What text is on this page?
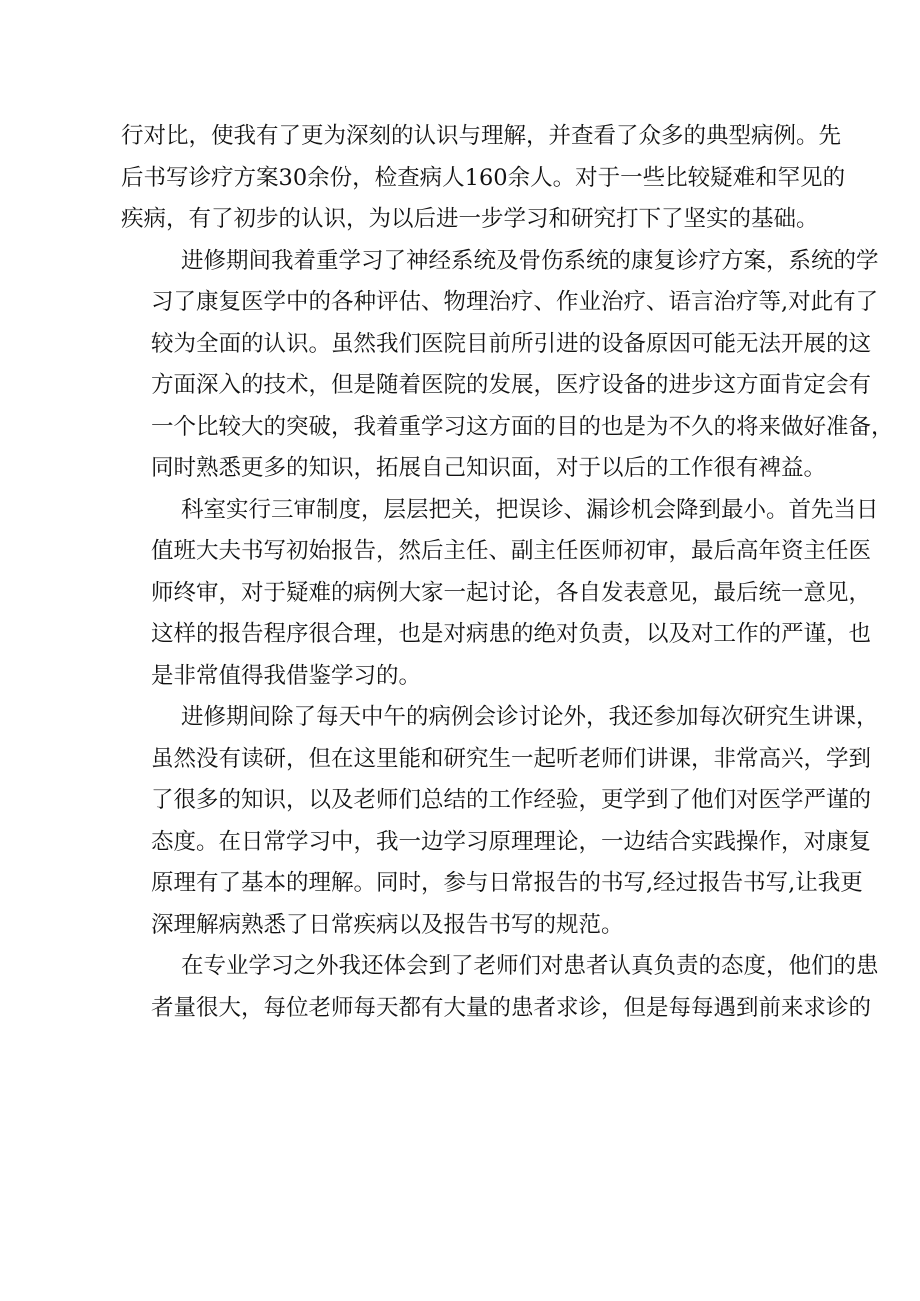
行对比，使我有了更为深刻的认识与理解，并查看了众多的典型病例。先
后书写诊疗方案30余份，检查病人160余人。对于一些比较疑难和罕见的
疾病，有了初步的认识，为以后进一步学习和研究打下了坚实的基础。
进修期间我着重学习了神经系统及骨伤系统的康复诊疗方案，系统的学
习了康复医学中的各种评估、物理治疗、作业治疗、语言治疗等,对此有了
较为全面的认识。虽然我们医院目前所引进的设备原因可能无法开展的这
方面深入的技术，但是随着医院的发展，医疗设备的进步这方面肯定会有
一个比较大的突破，我着重学习这方面的目的也是为不久的将来做好准备，
同时熟悉更多的知识，拓展自己知识面，对于以后的工作很有裨益。
科室实行三审制度，层层把关，把误诊、漏诊机会降到最小。首先当日
值班大夫书写初始报告，然后主任、副主任医师初审，最后高年资主任医
师终审，对于疑难的病例大家一起讨论，各自发表意见，最后统一意见，
这样的报告程序很合理，也是对病患的绝对负责，以及对工作的严谨，也
是非常值得我借鉴学习的。
进修期间除了每天中午的病例会诊讨论外，我还参加每次研究生讲课，
虽然没有读研，但在这里能和研究生一起听老师们讲课，非常高兴，学到
了很多的知识，以及老师们总结的工作经验，更学到了他们对医学严谨的
态度。在日常学习中，我一边学习原理理论，一边结合实践操作，对康复
原理有了基本的理解。同时，参与日常报告的书写,经过报告书写,让我更
深理解病熟悉了日常疾病以及报告书写的规范。
在专业学习之外我还体会到了老师们对患者认真负责的态度，他们的患
者量很大，每位老师每天都有大量的患者求诊，但是每每遇到前来求诊的
